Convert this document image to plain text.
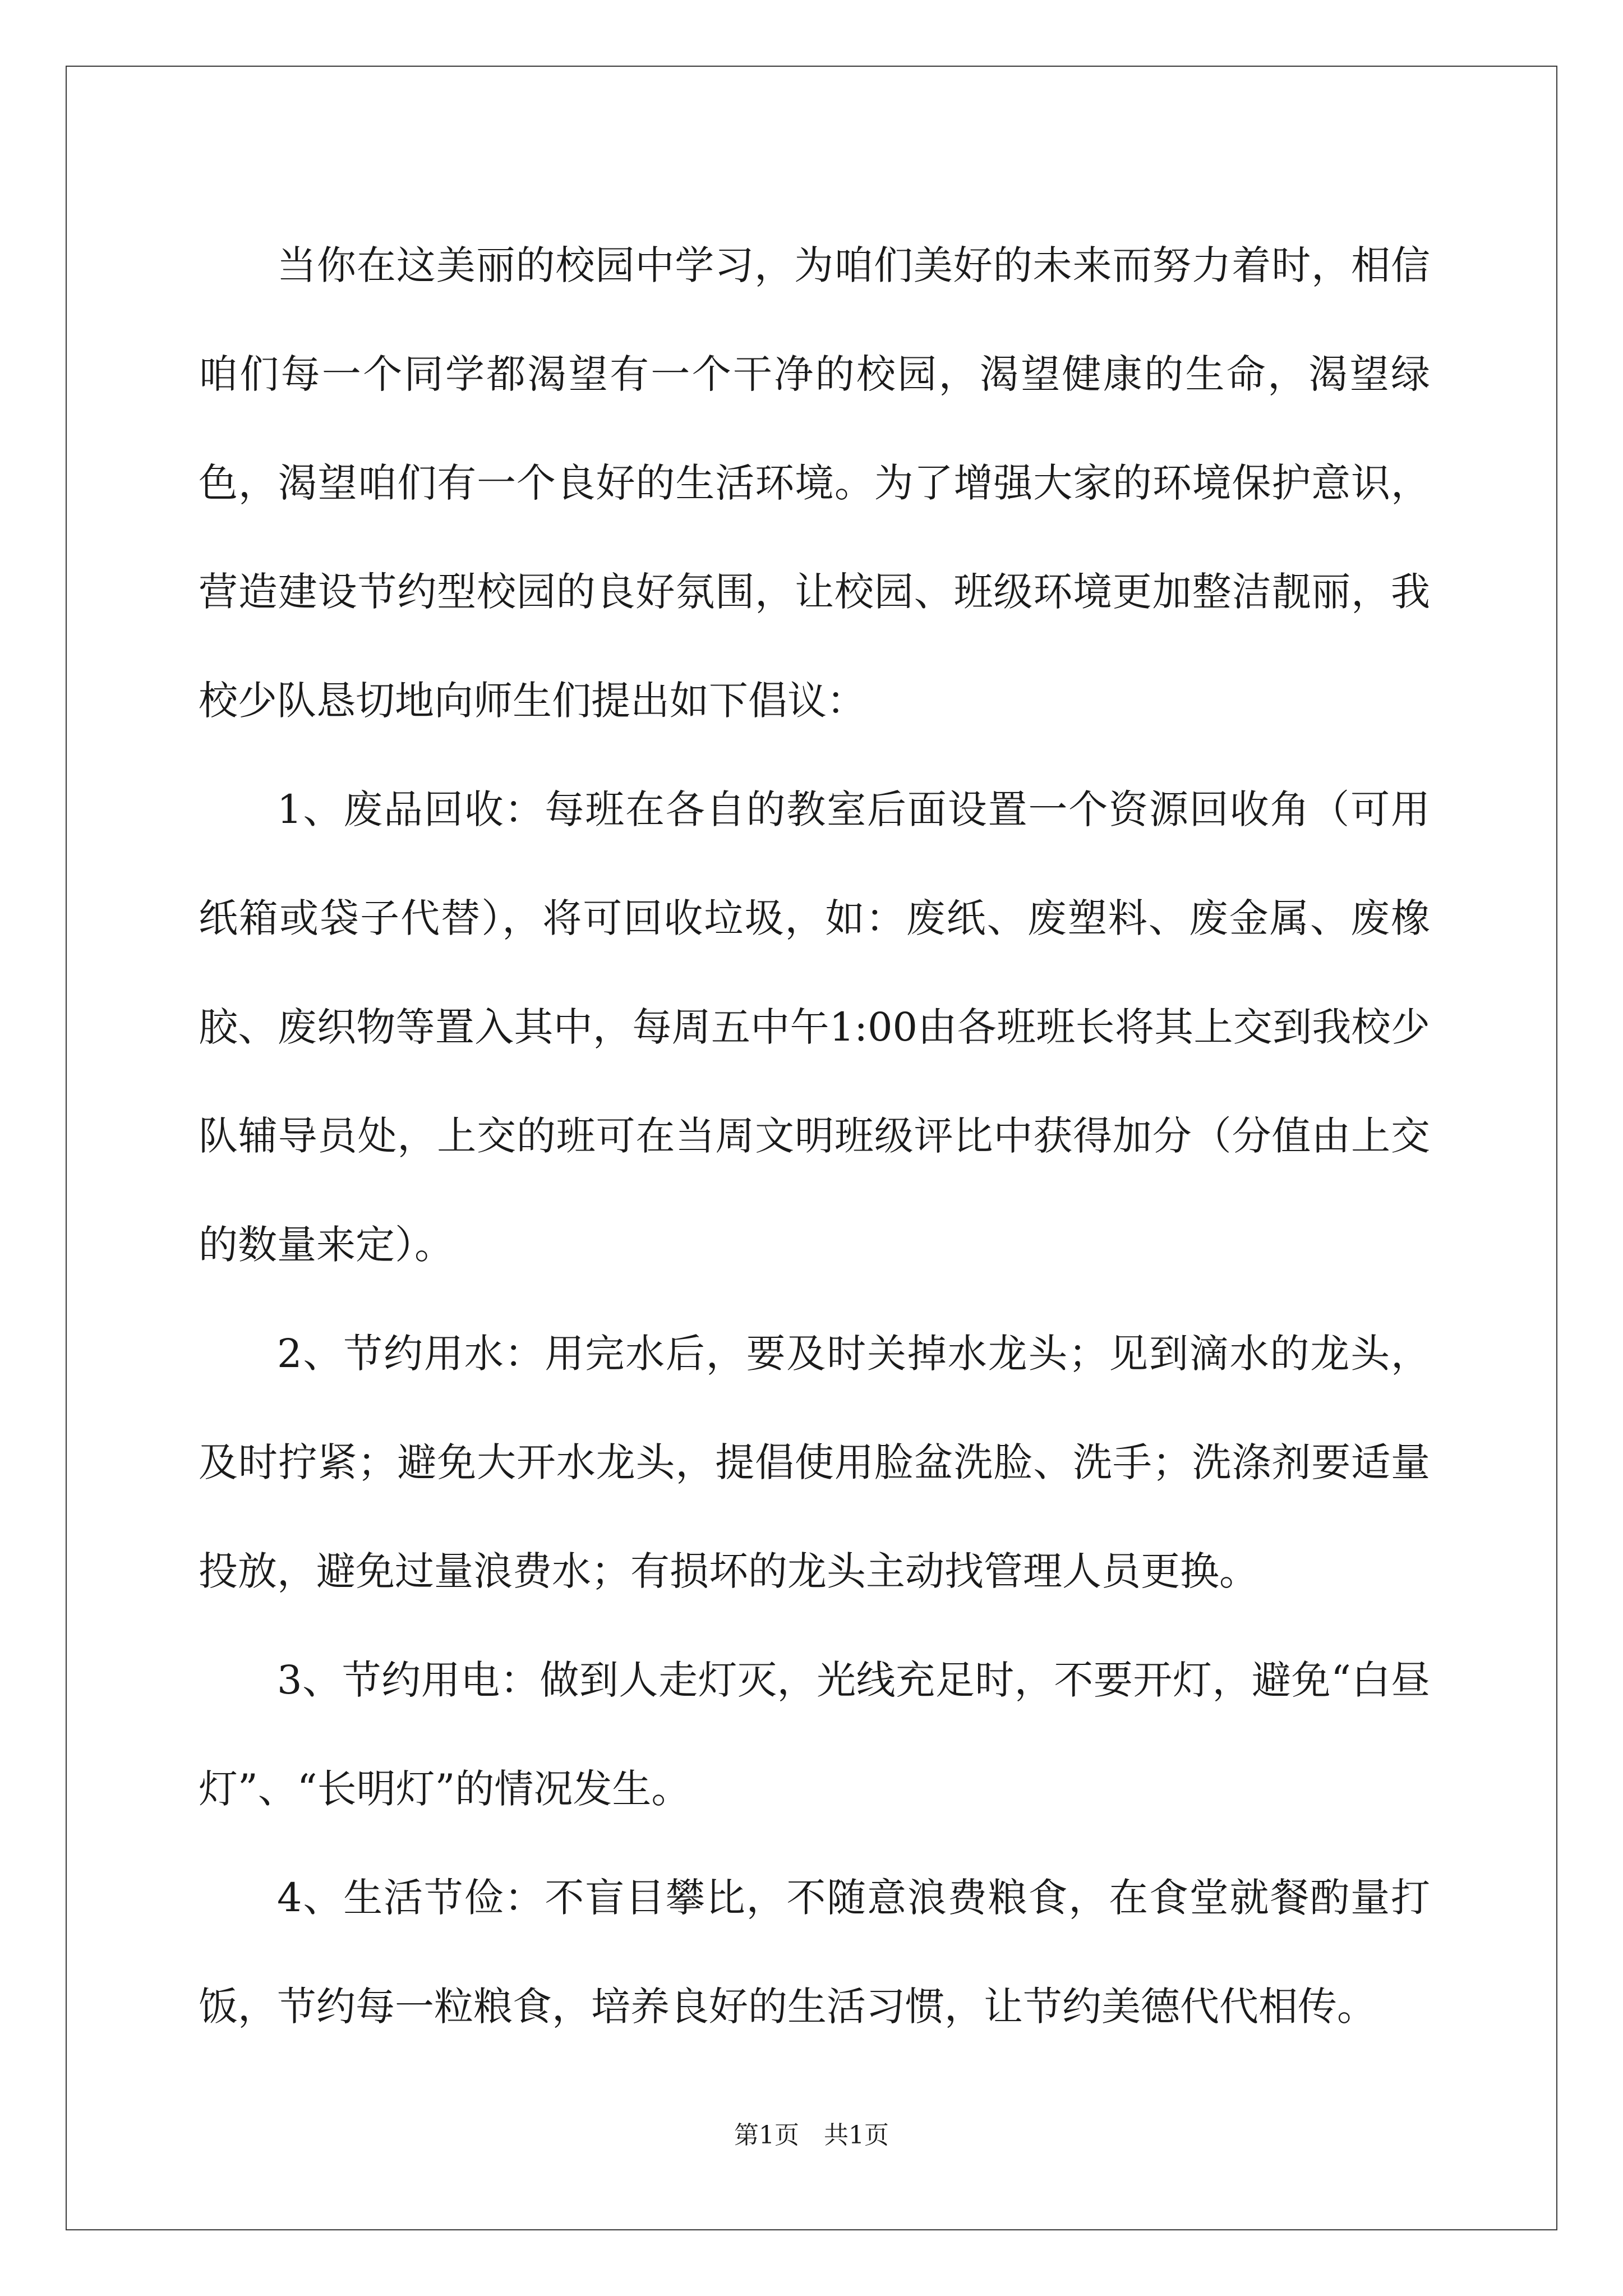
当你在这美丽的校园中学习，为咱们美好的未来而努力着时，相信咱们每一个同学都渴望有一个干净的校园，渴望健康的生命，渴望绿色，渴望咱们有一个良好的生活环境。为了增强大家的环境保护意识，营造建设节约型校园的良好氛围，让校园、班级环境更加整洁靓丽，我校少队恳切地向师生们提出如下倡议：

1、废品回收：每班在各自的教室后面设置一个资源回收角（可用纸箱或袋子代替），将可回收垃圾，如：废纸、废塑料、废金属、废橡胶、废织物等置入其中，每周五中午1:00由各班班长将其上交到我校少队辅导员处，上交的班可在当周文明班级评比中获得加分（分值由上交的数量来定）。

2、节约用水：用完水后，要及时关掉水龙头；见到滴水的龙头，及时拧紧；避免大开水龙头，提倡使用脸盆洗脸、洗手；洗涤剂要适量投放，避免过量浪费水；有损坏的龙头主动找管理人员更换。

3、节约用电：做到人走灯灭，光线充足时，不要开灯，避免“白昼灯”、“长明灯”的情况发生。

4、生活节俭：不盲目攀比，不随意浪费粮食，在食堂就餐酌量打饭，节约每一粒粮食，培养良好的生活习惯，让节约美德代代相传。

第1页 共1页
